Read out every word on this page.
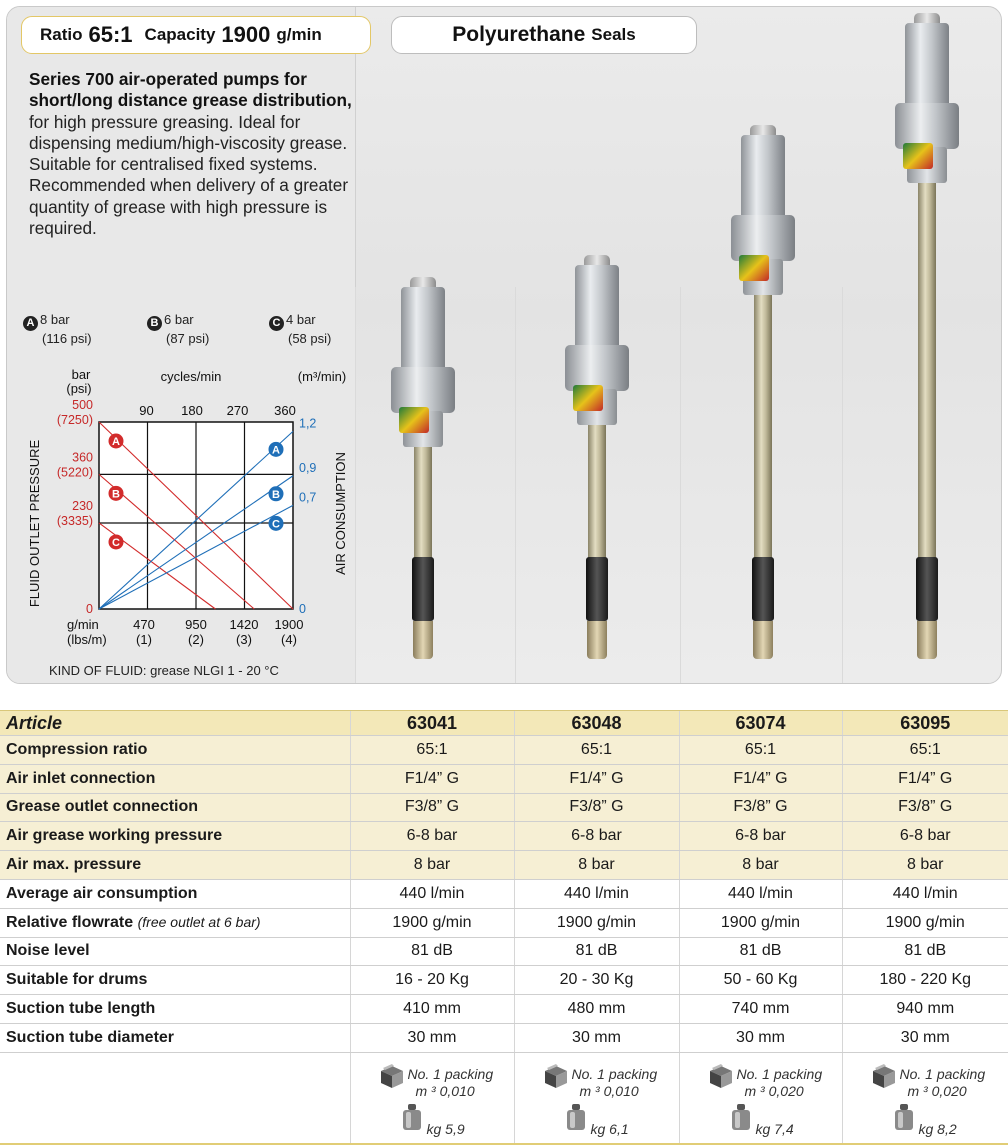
Ratio 65:1 Capacity 1900 g/min	Polyurethane Seals

Series 700 air-operated pumps for short/long distance grease distribution, for high pressure greasing. Ideal for dispensing medium/high-viscosity grease. Suitable for centralised fixed systems. Recommended when delivery of a greater quantity of grease with high pressure is required.

A 8 bar
(116 psi)
B 6 bar
(87 psi)
C 4 bar
(58 psi)
A
B
C
A
B
C
0
230
(3335)
360
(5220)
500
(7250)
0
0,7
0,9
1,2
90 180 270 360
470
(1)
950
(2)
1420
(3)
1900
(4)
bar
(psi)
cycles/min	(m³/min)
g/min
(lbs/m)
FLUID OUTLET PRESSURE	AIR CONSUMPTION
KIND OF FLUID: grease NLGI 1 - 20 °C
Article	63041	63048	63074	63095
Compression ratio	65:1	65:1	65:1	65:1
Air inlet connection	F1/4” G	F1/4” G	F1/4” G	F1/4” G
Grease outlet connection	F3/8” G	F3/8” G	F3/8” G	F3/8” G
Air grease working pressure	6-8 bar	6-8 bar	6-8 bar	6-8 bar
Air max. pressure	8 bar	8 bar	8 bar	8 bar
Average air consumption	440 l/min	440 l/min	440 l/min	440 l/min
Relative flowrate (free outlet at 6 bar)	1900 g/min	1900 g/min	1900 g/min	1900 g/min
Noise level	81 dB	81 dB	81 dB	81 dB
Suitable for drums	16 - 20 Kg	20 - 30 Kg	50 - 60 Kg	180 - 220 Kg
Suction tube length	410 mm	480 mm	740 mm	940 mm
Suction tube diameter	30 mm	30 mm	30 mm	30 mm

	No. 1 packing
m ³ 0,010
kg 5,9	No. 1 packing
m ³ 0,010
kg 6,1	No. 1 packing
m ³ 0,020
kg 7,4	No. 1 packing
m ³ 0,020
kg 8,2
